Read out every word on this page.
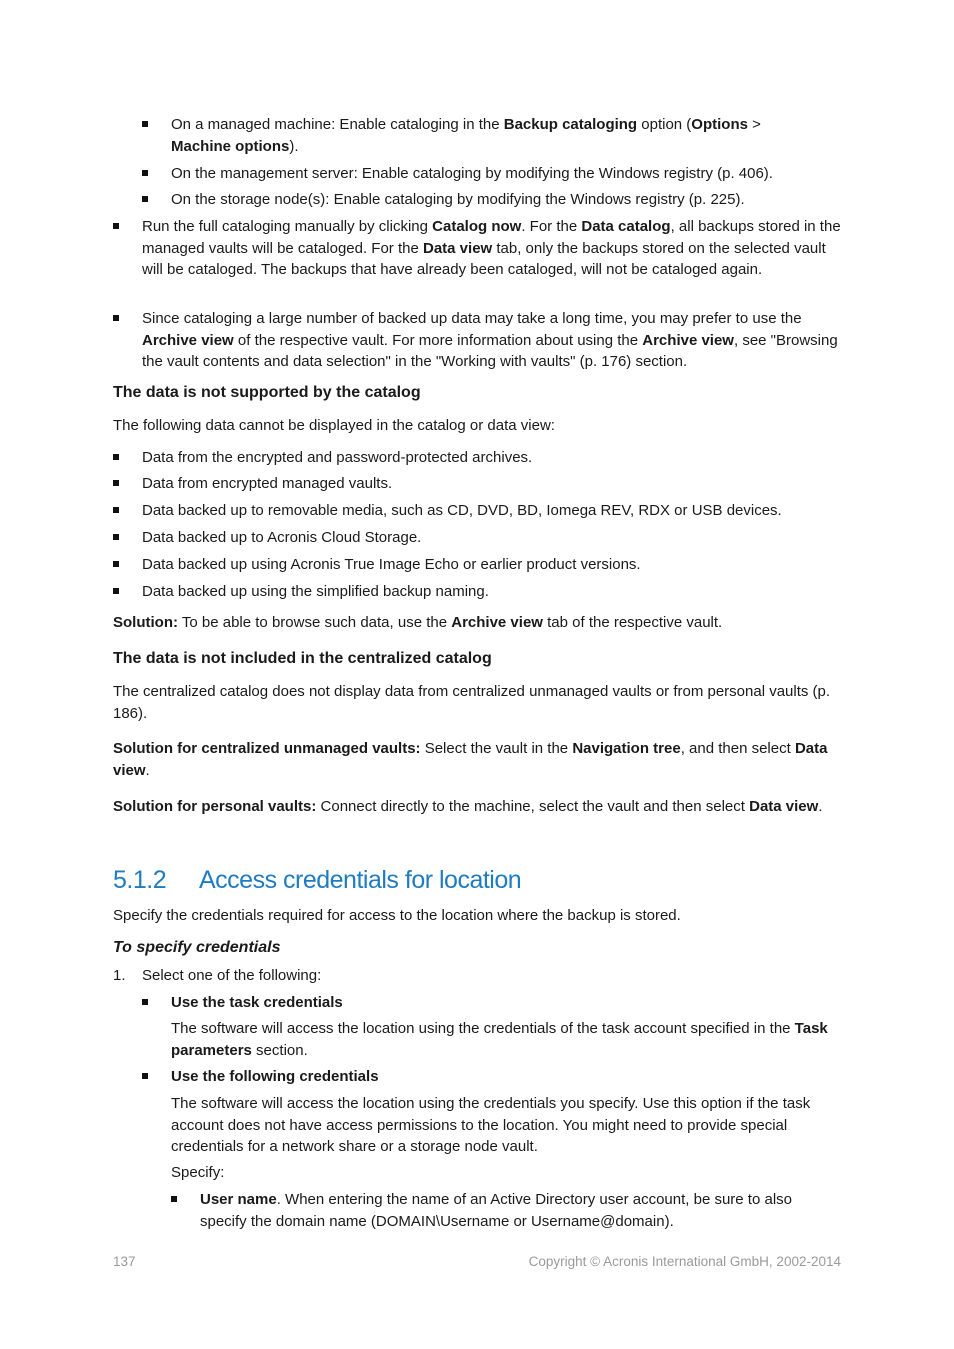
On a managed machine: Enable cataloging in the Backup cataloging option (Options > Machine options).

On the management server: Enable cataloging by modifying the Windows registry (p. 406).

On the storage node(s): Enable cataloging by modifying the Windows registry (p. 225).

Run the full cataloging manually by clicking Catalog now. For the Data catalog, all backups stored in the managed vaults will be cataloged. For the Data view tab, only the backups stored on the selected vault will be cataloged. The backups that have already been cataloged, will not be cataloged again.

Since cataloging a large number of backed up data may take a long time, you may prefer to use the Archive view of the respective vault. For more information about using the Archive view, see "Browsing the vault contents and data selection" in the "Working with vaults" (p. 176) section.

The data is not supported by the catalog

The following data cannot be displayed in the catalog or data view:

Data from the encrypted and password-protected archives.

Data from encrypted managed vaults.

Data backed up to removable media, such as CD, DVD, BD, Iomega REV, RDX or USB devices.

Data backed up to Acronis Cloud Storage.

Data backed up using Acronis True Image Echo or earlier product versions.

Data backed up using the simplified backup naming.

Solution: To be able to browse such data, use the Archive view tab of the respective vault.

The data is not included in the centralized catalog

The centralized catalog does not display data from centralized unmanaged vaults or from personal vaults (p. 186).

Solution for centralized unmanaged vaults: Select the vault in the Navigation tree, and then select Data view.

Solution for personal vaults: Connect directly to the machine, select the vault and then select Data view.

5.1.2 Access credentials for location

Specify the credentials required for access to the location where the backup is stored.

To specify credentials

1. Select one of the following:

Use the task credentials

The software will access the location using the credentials of the task account specified in the Task parameters section.

Use the following credentials

The software will access the location using the credentials you specify. Use this option if the task account does not have access permissions to the location. You might need to provide special credentials for a network share or a storage node vault.

Specify:

User name. When entering the name of an Active Directory user account, be sure to also specify the domain name (DOMAIN\Username or Username@domain).

137	Copyright © Acronis International GmbH, 2002-2014
